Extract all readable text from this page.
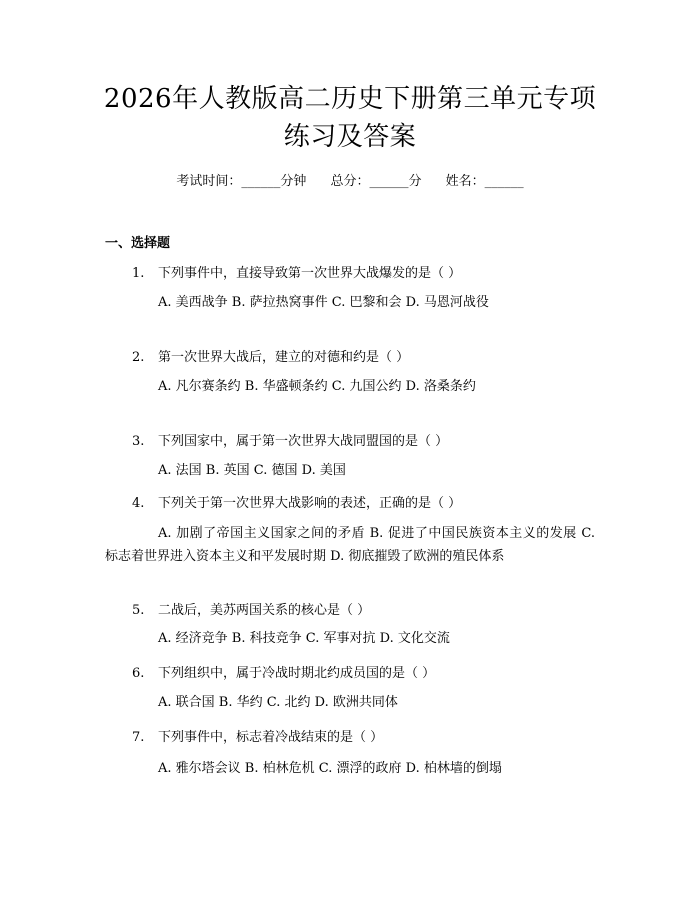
2026年人教版高二历史下册第三单元专项练习及答案
考试时间：______分钟 总分：______分 姓名：______
一、选择题
1. 下列事件中，直接导致第一次世界大战爆发的是（ ）
A. 美西战争 B. 萨拉热窝事件 C. 巴黎和会 D. 马恩河战役
2. 第一次世界大战后，建立的对德和约是（ ）
A. 凡尔赛条约 B. 华盛顿条约 C. 九国公约 D. 洛桑条约
3. 下列国家中，属于第一次世界大战同盟国的是（ ）
A. 法国 B. 英国 C. 德国 D. 美国
4. 下列关于第一次世界大战影响的表述，正确的是（ ）
A. 加剧了帝国主义国家之间的矛盾 B. 促进了中国民族资本主义的发展 C. 标志着世界进入资本主义和平发展时期 D. 彻底摧毁了欧洲的殖民体系
5. 二战后，美苏两国关系的核心是（ ）
A. 经济竞争 B. 科技竞争 C. 军事对抗 D. 文化交流
6. 下列组织中，属于冷战时期北约成员国的是（ ）
A. 联合国 B. 华约 C. 北约 D. 欧洲共同体
7. 下列事件中，标志着冷战结束的是（ ）
A. 雅尔塔会议 B. 柏林危机 C. 漂浮的政府 D. 柏林墙的倒塌
